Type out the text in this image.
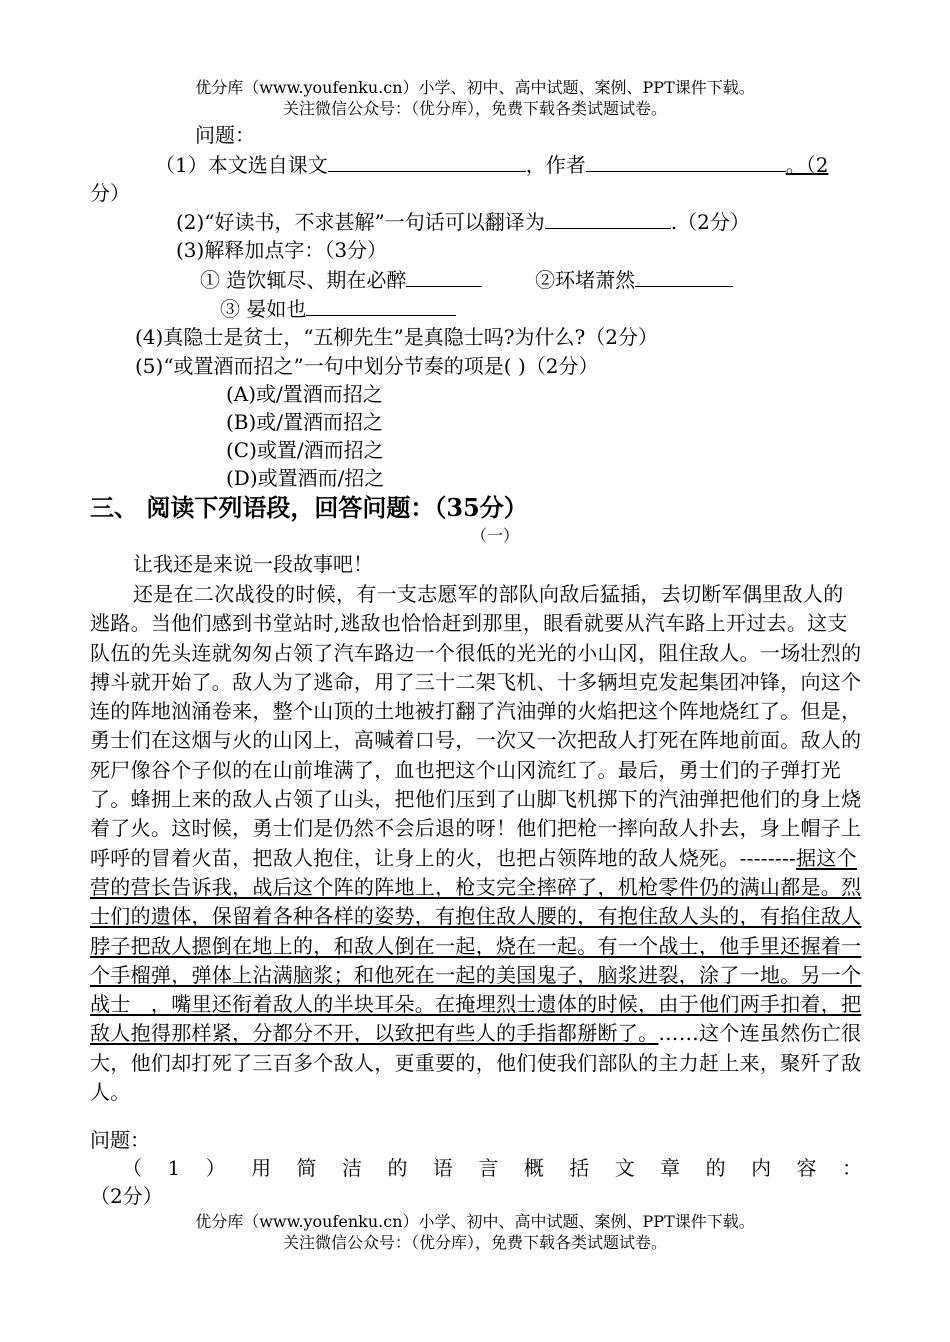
优分库（www.youfenku.cn）小学、初中、高中试题、案例、PPT课件下载。
关注微信公众号：（优分库），免费下载各类试题试卷。
问题：
（1）本文选自课文	，作者	。（2
分）
(2)“好读书，不求甚解”一句话可以翻译为	.（2分）
(3)解释加点字：（3分）
① 造饮辄尽、期在必醉	②环堵萧然
③ 晏如也
(4)真隐士是贫士，“五柳先生”是真隐士吗?为什么?（2分）
(5)“或置酒而招之”一句中划分节奏的项是( )（2分）
(A)或/置酒而招之
(B)或/置酒而招之
(C)或置/酒而招之
(D)或置酒而/招之
三、 阅读下列语段，回答问题：（35分）
（一）
让我还是来说一段故事吧！
还是在二次战役的时候，有一支志愿军的部队向敌后猛插，去切断军偶里敌人的逃路。当他们感到书堂站时,逃敌也恰恰赶到那里，眼看就要从汽车路上开过去。这支队伍的先头连就匆匆占领了汽车路边一个很低的光光的小山冈，阻住敌人。一场壮烈的搏斗就开始了。敌人为了逃命，用了三十二架飞机、十多辆坦克发起集团冲锋，向这个连的阵地汹涌卷来，整个山顶的土地被打翻了汽油弹的火焰把这个阵地烧红了。但是，勇士们在这烟与火的山冈上，高喊着口号，一次又一次把敌人打死在阵地前面。敌人的死尸像谷个子似的在山前堆满了，血也把这个山冈流红了。最后，勇士们的子弹打光了。蜂拥上来的敌人占领了山头，把他们压到了山脚飞机掷下的汽油弹把他们的身上烧着了火。这时候，勇士们是仍然不会后退的呀！他们把枪一摔向敌人扑去，身上帽子上呼呼的冒着火苗，把敌人抱住，让身上的火，也把占领阵地的敌人烧死。--------据这个营的营长告诉我，战后这个阵的阵地上，枪支完全摔碎了，机枪零件仍的满山都是。烈士们的遗体，保留着各种各样的姿势，有抱住敌人腰的，有抱住敌人头的，有掐住敌人脖子把敌人摁倒在地上的，和敌人倒在一起，烧在一起。有一个战士，他手里还握着一个手榴弹，弹体上沾满脑浆；和他死在一起的美国鬼子，脑浆进裂，涂了一地。另一个战士　，嘴里还衔着敌人的半块耳朵。在掩埋烈士遗体的时候，由于他们两手扣着，把敌人抱得那样紧，分都分不开，以致把有些人的手指都掰断了。……这个连虽然伤亡很大，他们却打死了三百多个敌人，更重要的，他们使我们部队的主力赶上来，聚歼了敌人。
问题：
（ 1 ） 用 简 洁 的 语 言 概 括 文 章 的 内 容 ：
（2分）
优分库（www.youfenku.cn）小学、初中、高中试题、案例、PPT课件下载。
关注微信公众号：（优分库），免费下载各类试题试卷。
